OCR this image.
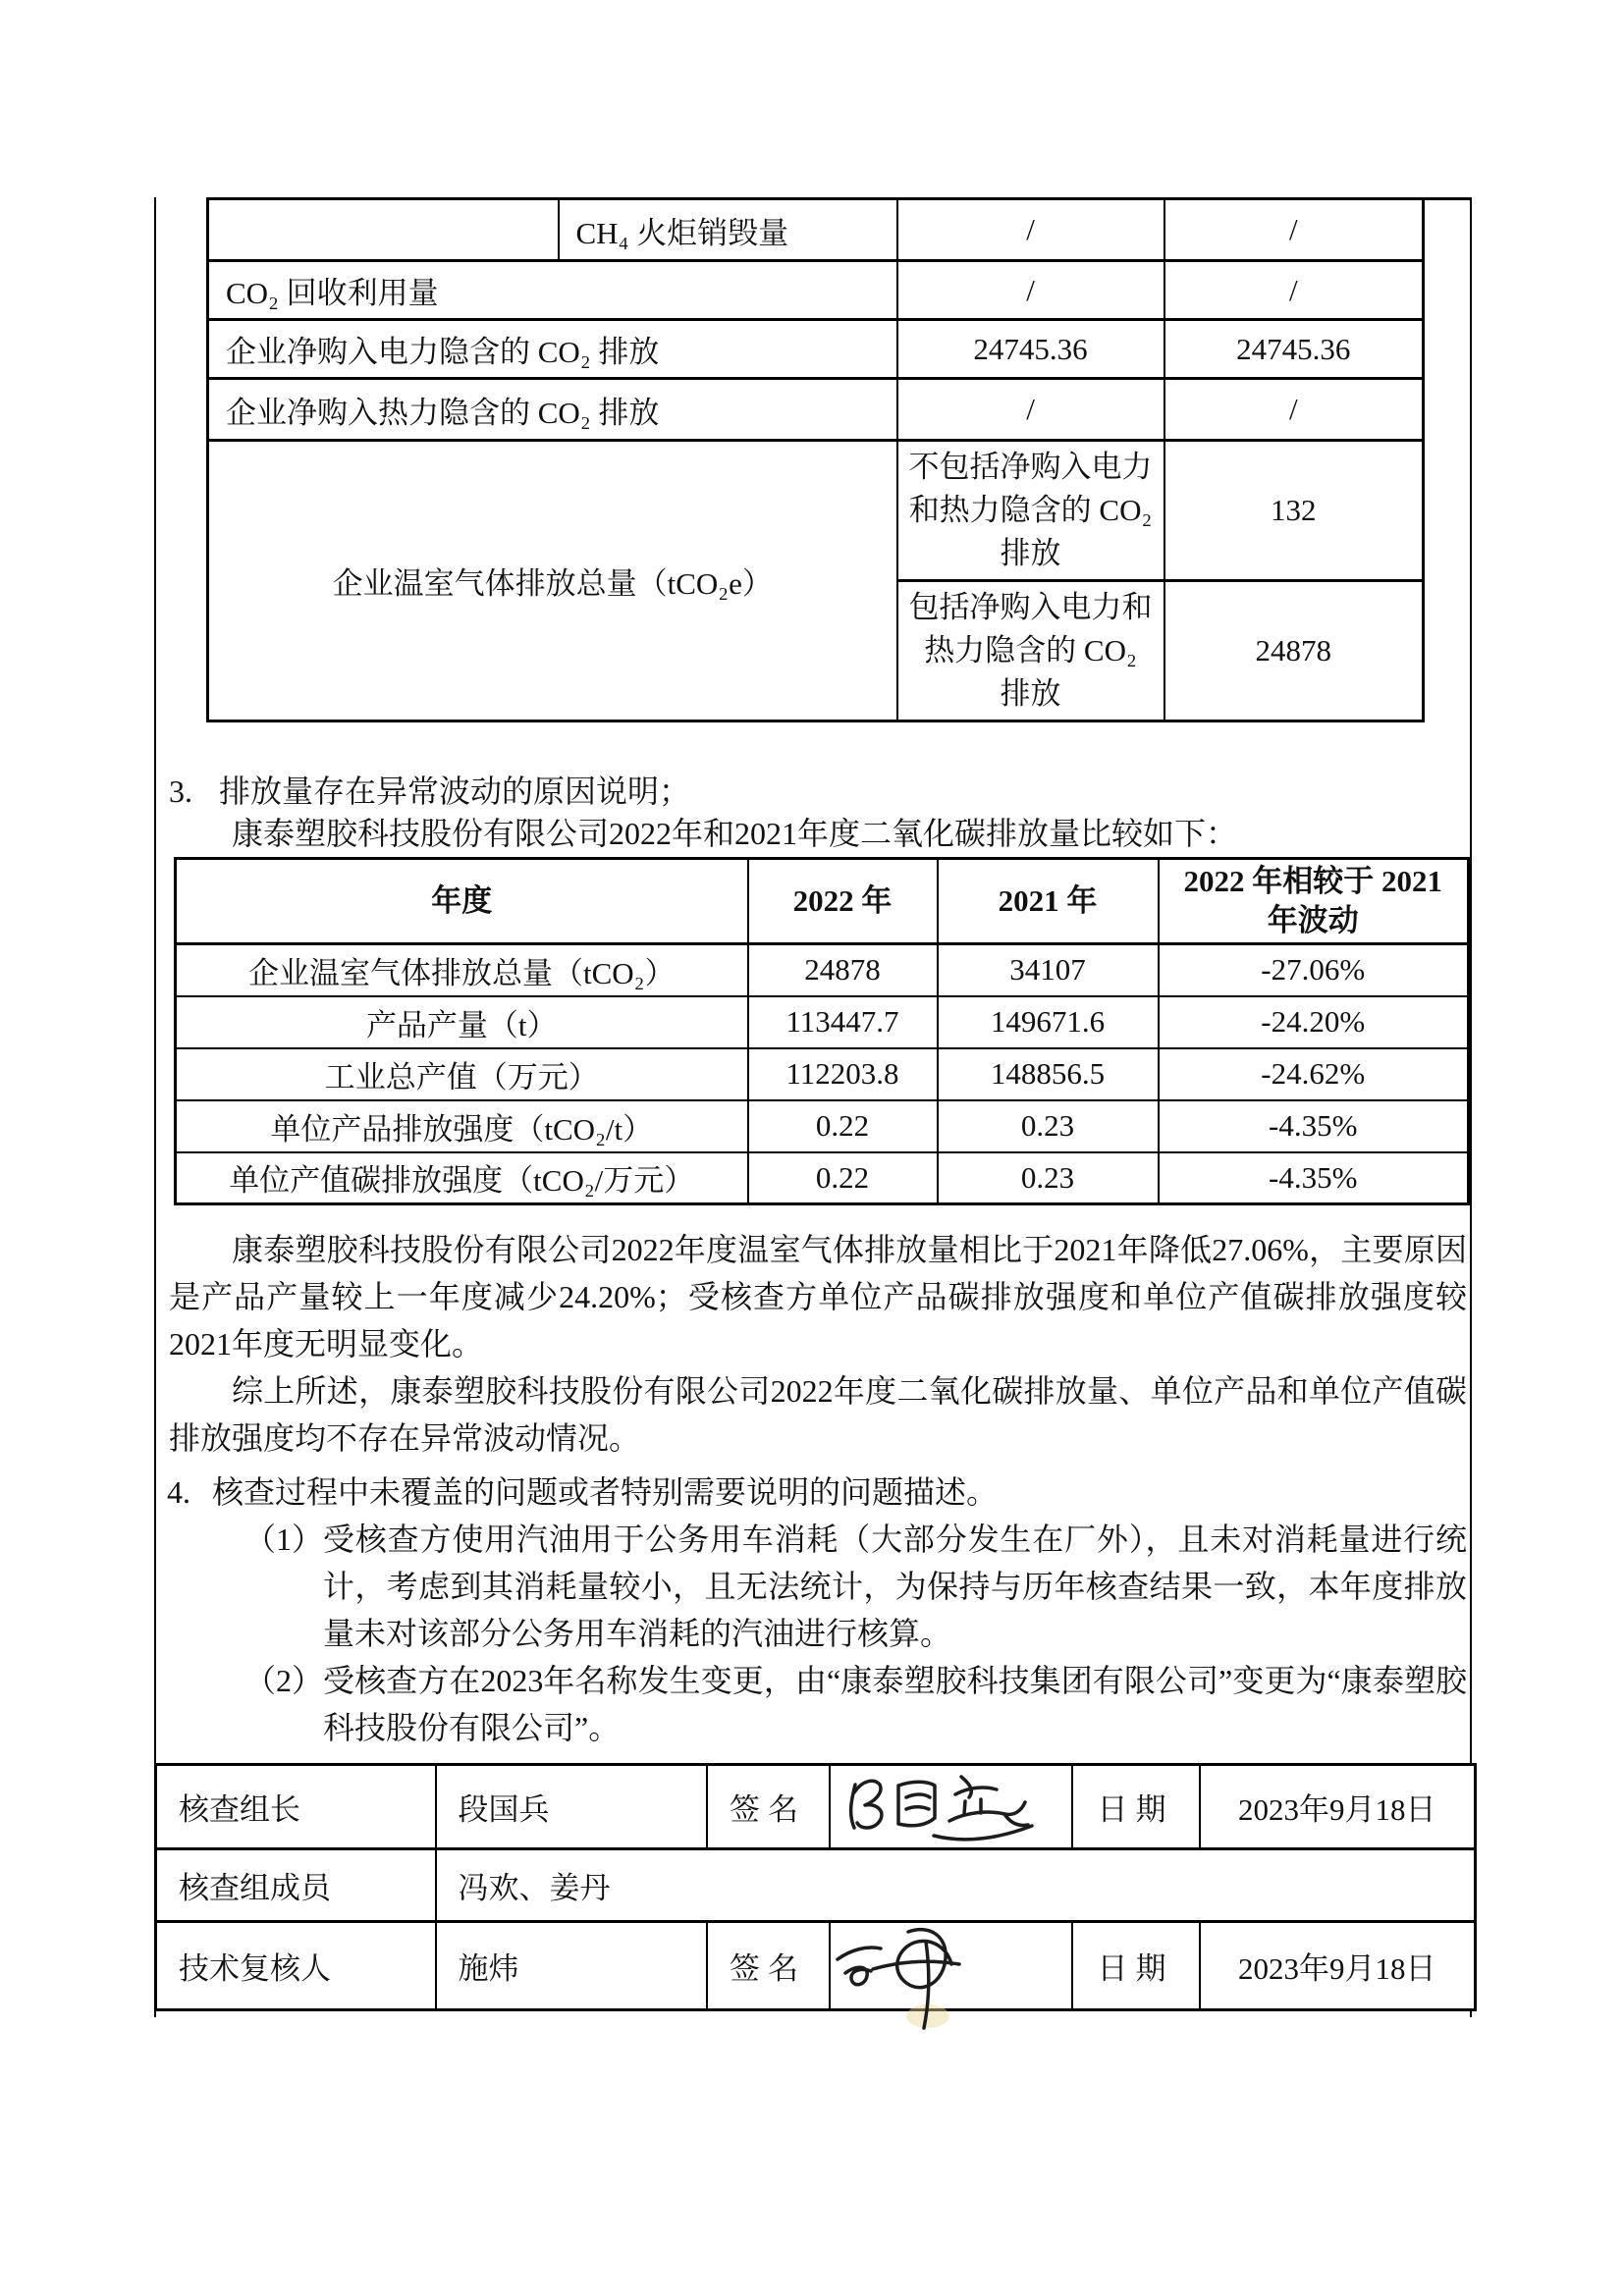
	CH₄ 火炬销毁量	/	/
CO₂ 回收利用量		/	/
企业净购入电力隐含的 CO₂ 排放		24745.36	24745.36
企业净购入热力隐含的 CO₂ 排放		/	/
企业温室气体排放总量（tCO₂e）		不包括净购入电力和热力隐含的 CO₂ 排放	132
		包括净购入电力和热力隐含的 CO₂ 排放	24878
3. 排放量存在异常波动的原因说明；
康泰塑胶科技股份有限公司2022年和2021年度二氧化碳排放量比较如下：
年度	2022 年	2021 年	2022 年相较于 2021 年波动
企业温室气体排放总量（tCO₂）	24878	34107	-27.06%
产品产量（t）	113447.7	149671.6	-24.20%
工业总产值（万元）	112203.8	148856.5	-24.62%
单位产品排放强度（tCO₂/t）	0.22	0.23	-4.35%
单位产值碳排放强度（tCO₂/万元）	0.22	0.23	-4.35%
康泰塑胶科技股份有限公司2022年度温室气体排放量相比于2021年降低27.06%，主要原因是产品产量较上一年度减少24.20%；受核查方单位产品碳排放强度和单位产值碳排放强度较2021年度无明显变化。
综上所述，康泰塑胶科技股份有限公司2022年度二氧化碳排放量、单位产品和单位产值碳排放强度均不存在异常波动情况。
4. 核查过程中未覆盖的问题或者特别需要说明的问题描述。
（1） 受核查方使用汽油用于公务用车消耗（大部分发生在厂外），且未对消耗量进行统计，考虑到其消耗量较小，且无法统计，为保持与历年核查结果一致，本年度排放量未对该部分公务用车消耗的汽油进行核算。
（2） 受核查方在2023年名称发生变更，由“康泰塑胶科技集团有限公司”变更为“康泰塑胶科技股份有限公司”。
核查组长	段国兵	签名		日期	2023年9月18日
核查组成员	冯欢、姜丹				
技术复核人	施炜	签名		日期	2023年9月18日
